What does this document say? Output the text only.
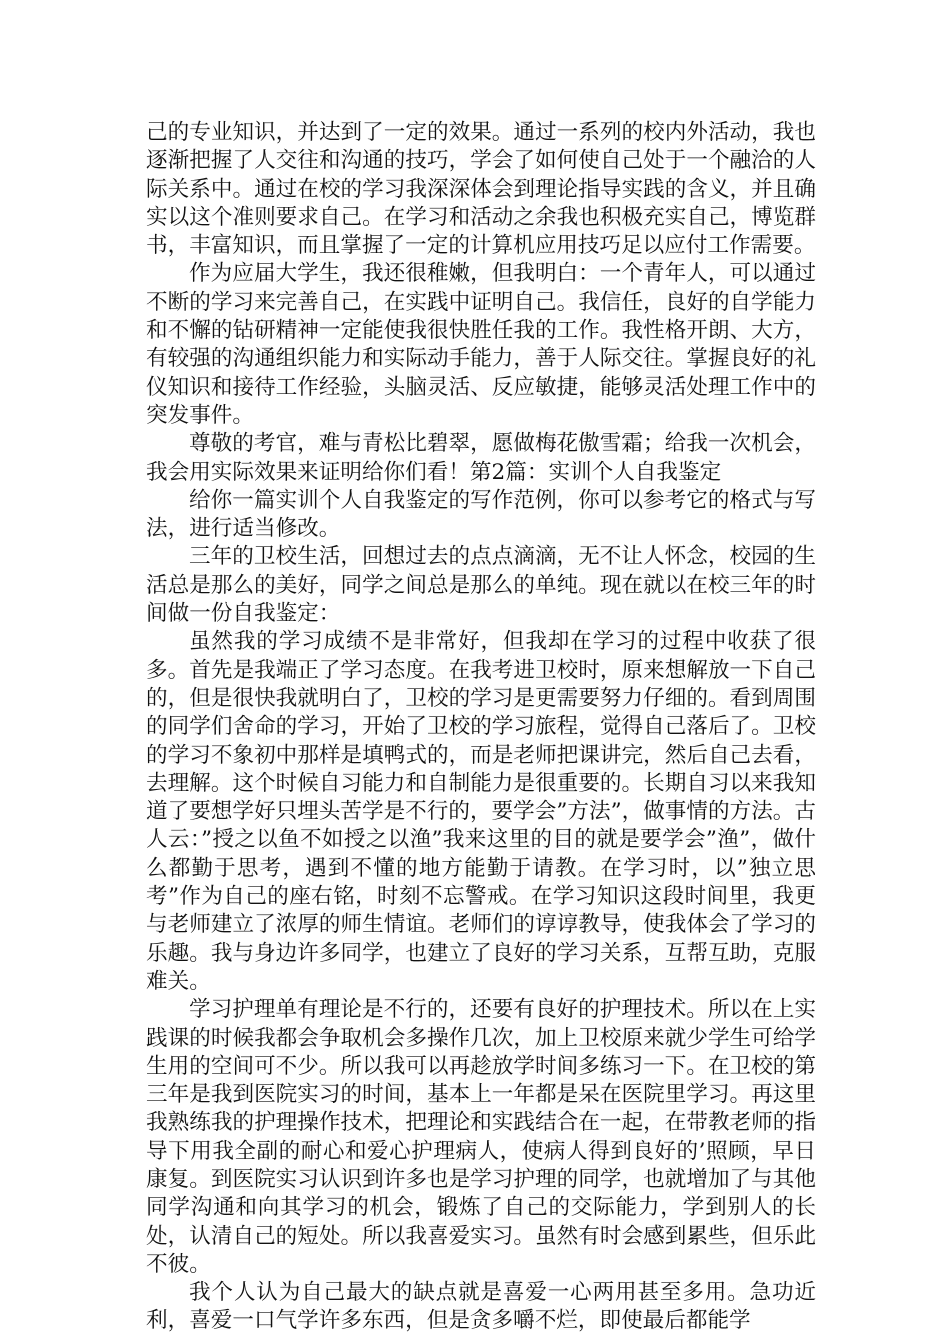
己的专业知识，并达到了一定的效果。通过一系列的校内外活动，我也逐渐把握了人交往和沟通的技巧，学会了如何使自己处于一个融洽的人际关系中。通过在校的学习我深深体会到理论指导实践的含义，并且确实以这个准则要求自己。在学习和活动之余我也积极充实自己，博览群书，丰富知识，而且掌握了一定的计算机应用技巧足以应付工作需要。

作为应届大学生，我还很稚嫩，但我明白：一个青年人，可以通过不断的学习来完善自己，在实践中证明自己。我信任，良好的自学能力和不懈的钻研精神一定能使我很快胜任我的工作。我性格开朗、大方，有较强的沟通组织能力和实际动手能力，善于人际交往。掌握良好的礼仪知识和接待工作经验，头脑灵活、反应敏捷，能够灵活处理工作中的突发事件。

尊敬的考官，难与青松比碧翠，愿做梅花傲雪霜；给我一次机会，我会用实际效果来证明给你们看！第2篇：实训个人自我鉴定

给你一篇实训个人自我鉴定的写作范例，你可以参考它的格式与写法，进行适当修改。

三年的卫校生活，回想过去的点点滴滴，无不让人怀念，校园的生活总是那么的美好，同学之间总是那么的单纯。现在就以在校三年的时间做一份自我鉴定：

虽然我的学习成绩不是非常好，但我却在学习的过程中收获了很多。首先是我端正了学习态度。在我考进卫校时，原来想解放一下自己的，但是很快我就明白了，卫校的学习是更需要努力仔细的。看到周围的同学们舍命的学习，开始了卫校的学习旅程，觉得自己落后了。卫校的学习不象初中那样是填鸭式的，而是老师把课讲完，然后自己去看，去理解。这个时候自习能力和自制能力是很重要的。长期自习以来我知道了要想学好只埋头苦学是不行的，要学会”方法”，做事情的方法。古人云：”授之以鱼不如授之以渔”我来这里的目的就是要学会”渔”，做什么都勤于思考，遇到不懂的地方能勤于请教。在学习时，以”独立思考”作为自己的座右铭，时刻不忘警戒。在学习知识这段时间里，我更与老师建立了浓厚的师生情谊。老师们的谆谆教导，使我体会了学习的乐趣。我与身边许多同学，也建立了良好的学习关系，互帮互助，克服难关。

学习护理单有理论是不行的，还要有良好的护理技术。所以在上实践课的时候我都会争取机会多操作几次，加上卫校原来就少学生可给学生用的空间可不少。所以我可以再趁放学时间多练习一下。在卫校的第三年是我到医院实习的时间，基本上一年都是呆在医院里学习。再这里我熟练我的护理操作技术，把理论和实践结合在一起，在带教老师的指导下用我全副的耐心和爱心护理病人，使病人得到良好的’照顾，早日康复。到医院实习认识到许多也是学习护理的同学，也就增加了与其他同学沟通和向其学习的机会，锻炼了自己的交际能力，学到别人的长处，认清自己的短处。所以我喜爱实习。虽然有时会感到累些，但乐此不彼。

我个人认为自己最大的缺点就是喜爱一心两用甚至多用。急功近利，喜爱一口气学许多东西，但是贪多嚼不烂，即使最后都能学
